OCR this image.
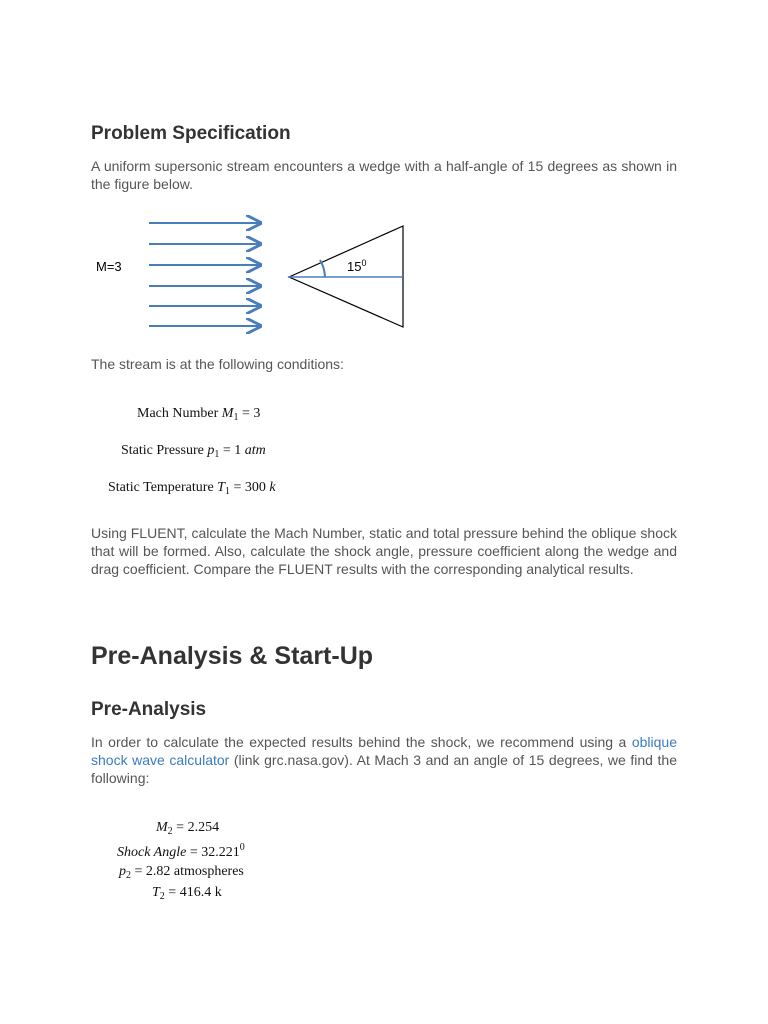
Problem Specification

A uniform supersonic stream encounters a wedge with a half-angle of 15 degrees as shown in the figure below.

M=3	$15^0$

The stream is at the following conditions:

Mach Number $M_1 = 3$
Static Pressure $p_1 = 1$ atm
Static Temperature $T_1 = 300$ k

Using FLUENT, calculate the Mach Number, static and total pressure behind the oblique shock that will be formed. Also, calculate the shock angle, pressure coefficient along the wedge and drag coefficient. Compare the FLUENT results with the corresponding analytical results.

Pre-Analysis & Start-Up
Pre-Analysis

In order to calculate the expected results behind the shock, we recommend using a oblique shock wave calculator (link grc.nasa.gov). At Mach 3 and an angle of 15 degrees, we find the following:

$M_2 = 2.254$
Shock Angle = $32.221^0$
$p_2 = 2.82$ atmospheres
$T_2 = 416.4$ k
